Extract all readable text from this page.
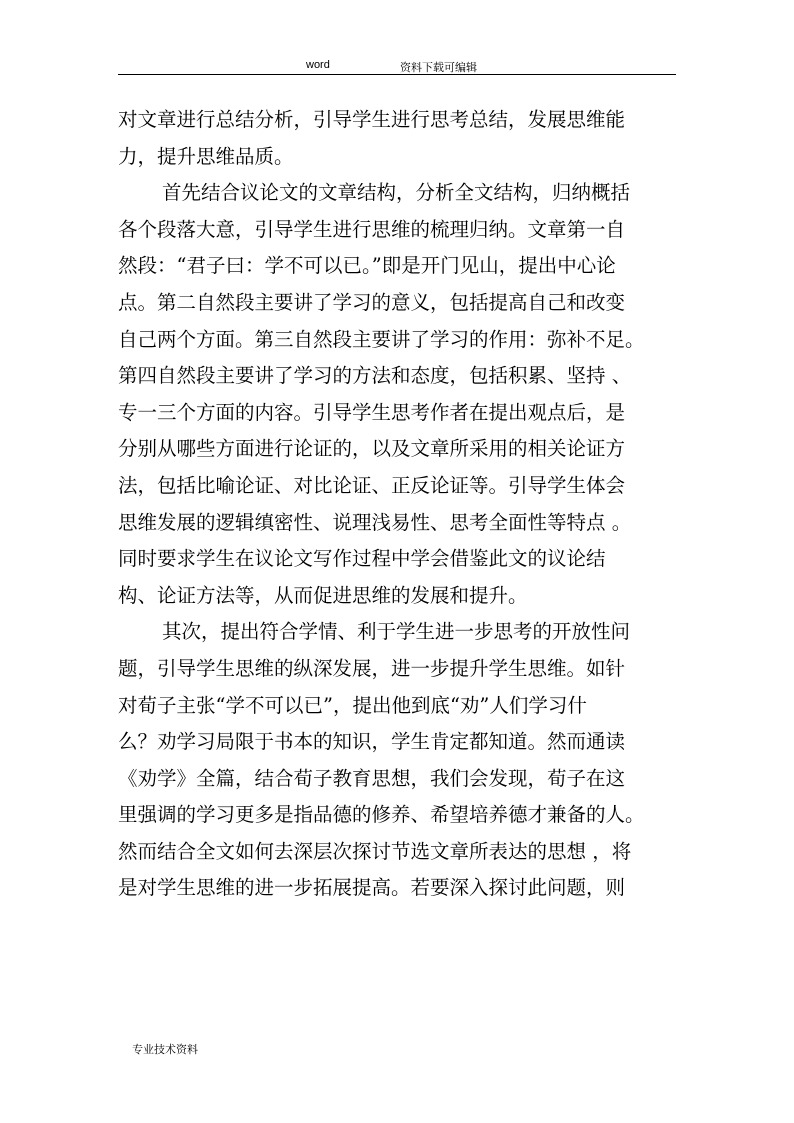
word	资料下载可编辑
对文章进行总结分析，引导学生进行思考总结，发展思维能
力，提升思维品质。
首先结合议论文的文章结构，分析全文结构，归纳概括
各个段落大意，引导学生进行思维的梳理归纳。文章第一自
然段：“君子曰：学不可以已。”即是开门见山，提出中心论
点。第二自然段主要讲了学习的意义，包括提高自己和改变
自己两个方面。第三自然段主要讲了学习的作用：弥补不足。
第四自然段主要讲了学习的方法和态度，包括积累、坚持 、
专一三个方面的内容。引导学生思考作者在提出观点后，是
分别从哪些方面进行论证的，以及文章所采用的相关论证方
法，包括比喻论证、对比论证、正反论证等。引导学生体会
思维发展的逻辑缜密性、说理浅易性、思考全面性等特点 。
同时要求学生在议论文写作过程中学会借鉴此文的议论结
构、论证方法等，从而促进思维的发展和提升。
其次，提出符合学情、利于学生进一步思考的开放性问
题，引导学生思维的纵深发展，进一步提升学生思维。如针
对荀子主张“学不可以已”，提出他到底“劝”人们学习什
么？劝学习局限于书本的知识，学生肯定都知道。然而通读
《劝学》全篇，结合荀子教育思想，我们会发现，荀子在这
里强调的学习更多是指品德的修养、希望培养德才兼备的人。
然而结合全文如何去深层次探讨节选文章所表达的思想 ，将
是对学生思维的进一步拓展提高。若要深入探讨此问题，则
专业技术资料
